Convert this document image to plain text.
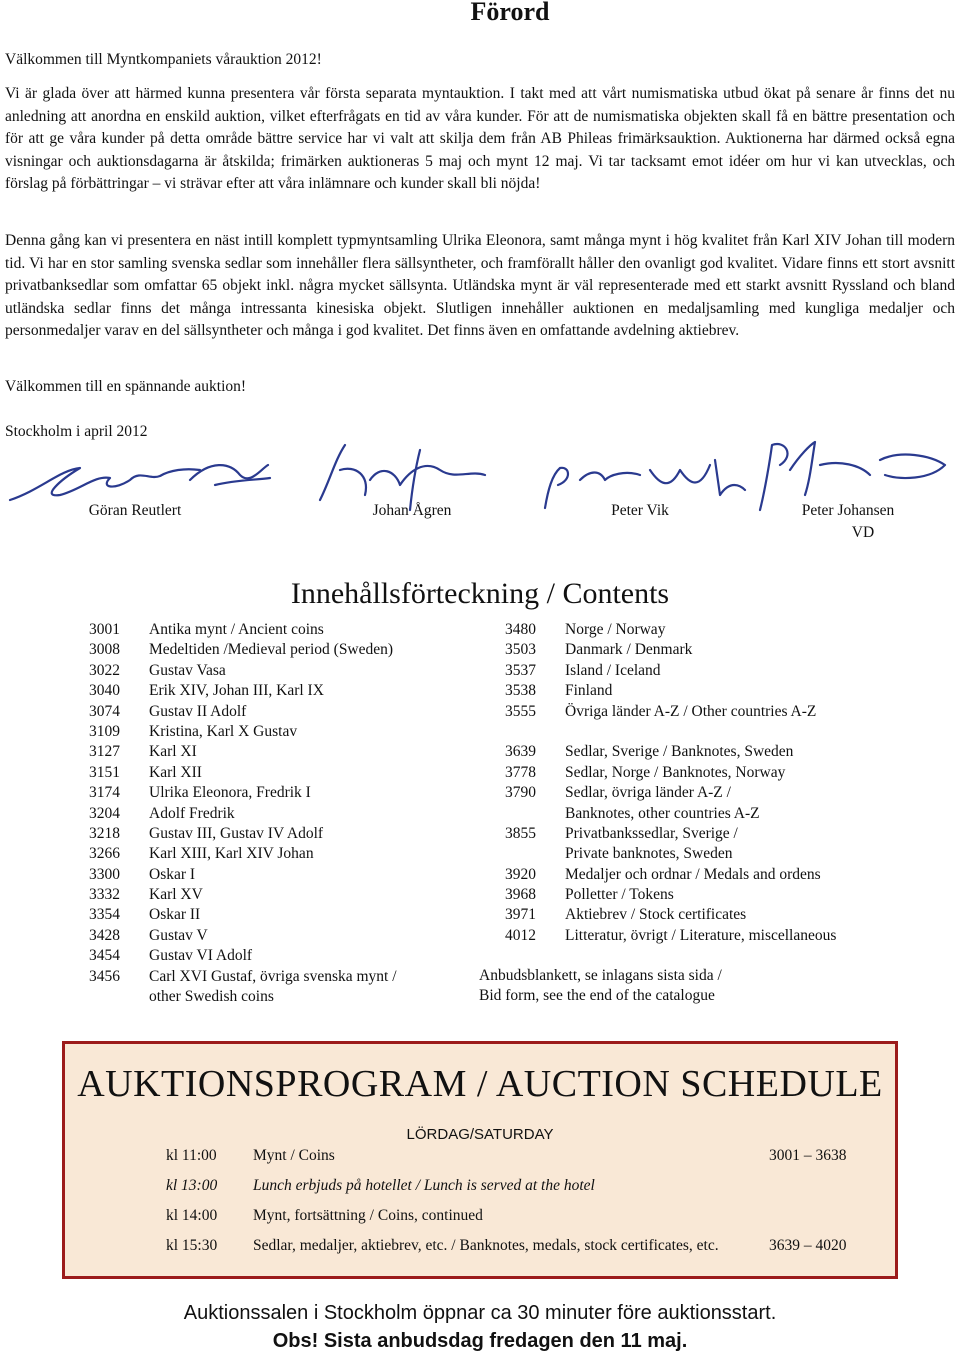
Förord

Välkommen till Myntkompaniets vårauktion 2012!

Vi är glada över att härmed kunna presentera vår första separata myntauktion. I takt med att vårt numismatiska utbud ökat på senare år finns det nu anledning att anordna en enskild auktion, vilket efterfrågats en tid av våra kunder. För att de numismatiska objekten skall få en bättre presentation och för att ge våra kunder på detta område bättre service har vi valt att skilja dem från AB Phileas frimärksauktion. Auktionerna har därmed också egna visningar och auktionsdagarna är åtskilda; frimärken auktioneras 5 maj och mynt 12 maj. Vi tar tacksamt emot idéer om hur vi kan utvecklas, och förslag på förbättringar – vi strävar efter att våra inlämnare och kunder skall bli nöjda!

Denna gång kan vi presentera en näst intill komplett typmyntsamling Ulrika Eleonora, samt många mynt i hög kvalitet från Karl XIV Johan till modern tid. Vi har en stor samling svenska sedlar som innehåller flera sällsyntheter, och framförallt håller den ovanligt god kvalitet. Vidare finns ett stort avsnitt privatbanksedlar som omfattar 65 objekt inkl. några mycket sällsynta. Utländska mynt är väl representerade med ett starkt avsnitt Ryssland och bland utländska sedlar finns det många intressanta kinesiska objekt. Slutligen innehåller auktionen en medaljsamling med kungliga medaljer och personmedaljer varav en del sällsyntheter och många i god kvalitet. Det finns även en omfattande avdelning aktiebrev.

Välkommen till en spännande auktion!

Stockholm i april 2012

Göran Reutlert	Johan Ågren	Peter Vik	Peter Johansen
VD
Innehållsförteckning / Contents
3001 Antika mynt / Ancient coins
3008 Medeltiden /Medieval period (Sweden)
3022 Gustav Vasa
3040 Erik XIV, Johan III, Karl IX
3074 Gustav II Adolf
3109 Kristina, Karl X Gustav
3127 Karl XI
3151 Karl XII
3174 Ulrika Eleonora, Fredrik I
3204 Adolf Fredrik
3218 Gustav III, Gustav IV Adolf
3266 Karl XIII, Karl XIV Johan
3300 Oskar I
3332 Karl XV
3354 Oskar II
3428 Gustav V
3454 Gustav VI Adolf
3456 Carl XVI Gustaf, övriga svenska mynt /
other Swedish coins
3480 Norge / Norway
3503 Danmark / Denmark
3537 Island / Iceland
3538 Finland
3555 Övriga länder A-Z / Other countries A-Z
3639 Sedlar, Sverige / Banknotes, Sweden
3778 Sedlar, Norge / Banknotes, Norway
3790 Sedlar, övriga länder A-Z /
Banknotes, other countries A-Z
3855 Privatbankssedlar, Sverige /
Private banknotes, Sweden
3920 Medaljer och ordnar / Medals and ordens
3968 Polletter / Tokens
3971 Aktiebrev / Stock certificates
4012 Litteratur, övrigt / Literature, miscellaneous
Anbudsblankett, se inlagans sista sida /
Bid form, see the end of the catalogue
AUKTIONSPROGRAM / AUCTION SCHEDULE
LÖRDAG/SATURDAY
kl 11:00 Mynt / Coins	3001 – 3638
kl 13:00 Lunch erbjuds på hotellet / Lunch is served at the hotel
kl 14:00 Mynt, fortsättning / Coins, continued
kl 15:30 Sedlar, medaljer, aktiebrev, etc. / Banknotes, medals, stock certificates, etc.	3639 – 4020
Auktionssalen i Stockholm öppnar ca 30 minuter före auktionsstart.
Obs! Sista anbudsdag fredagen den 11 maj.
